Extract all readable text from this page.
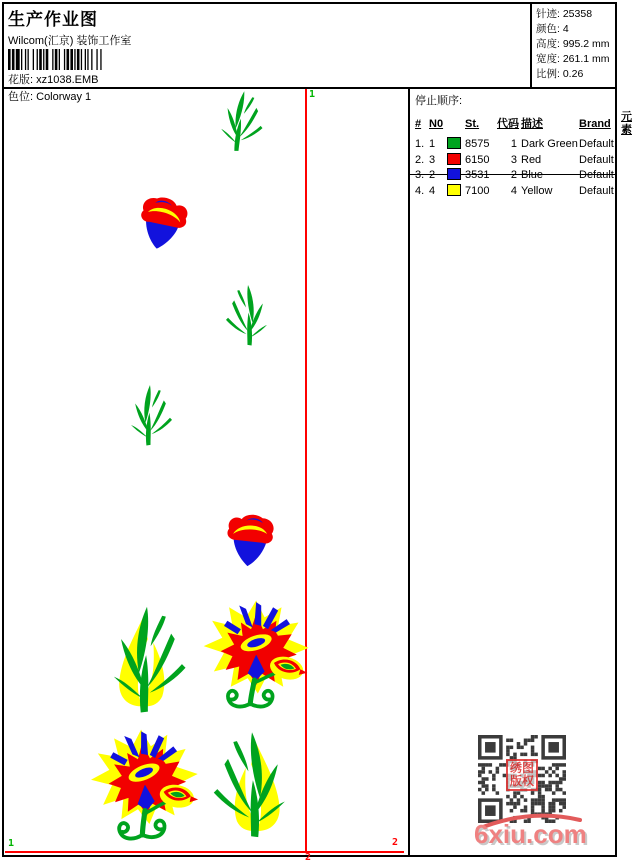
生产作业图
Wilcom(汇京) 装饰工作室
花版: xz1038.EMB
色位: Colorway 1
针迹: 25358
颜色: 4
高度: 995.2 mm
宽度: 261.1 mm
比例: 0.26
1
1
2
2
停止顺序:
#	N0		St.	代码	描述	Brand	元素
1.	1		8575	1	Dark Green	Default	
2.	3		6150	3	Red	Default	
3.	2		3531	2	Blue	Default	
4.	4		7100	4	Yellow	Default	
绣图
版权
6xiu.com
